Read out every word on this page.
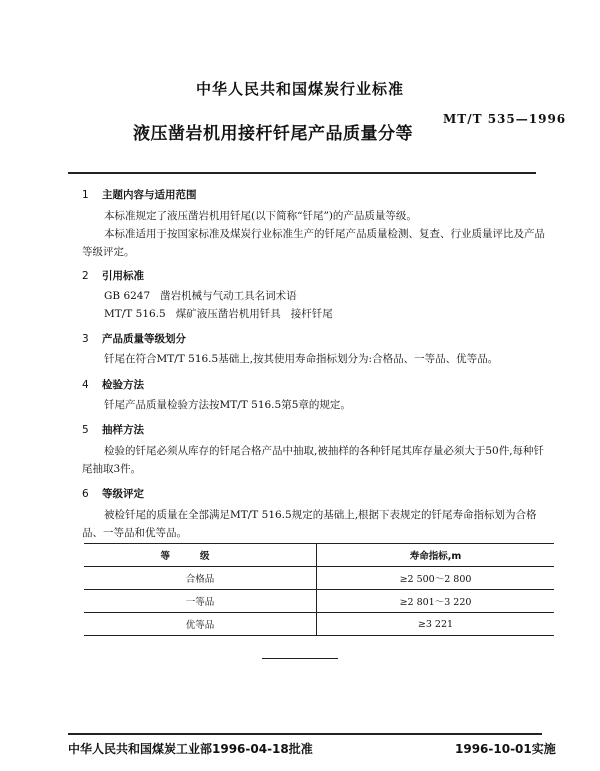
中华人民共和国煤炭行业标准
MT/T 535—1996
液压凿岩机用接杆钎尾产品质量分等
1 主题内容与适用范围
本标准规定了液压凿岩机用钎尾(以下简称“钎尾”)的产品质量等级。
本标准适用于按国家标准及煤炭行业标准生产的钎尾产品质量检测、复查、行业质量评比及产品等级评定。
2 引用标准
GB 6247   凿岩机械与气动工具名词术语
MT/T 516.5   煤矿液压凿岩机用钎具   接杆钎尾
3 产品质量等级划分
钎尾在符合MT/T 516.5基础上,按其使用寿命指标划分为:合格品、一等品、优等品。
4 检验方法
钎尾产品质量检验方法按MT/T 516.5第5章的规定。
5 抽样方法
检验的钎尾必须从库存的钎尾合格产品中抽取,被抽样的各种钎尾其库存量必须大于50件,每种钎尾抽取3件。
6 等级评定
被检钎尾的质量在全部满足MT/T 516.5规定的基础上,根据下表规定的钎尾寿命指标划为合格品、一等品和优等品。
等级	寿命指标,m
合格品	≥2 500～2 800
一等品	≥2 801～3 220
优等品	≥3 221
中华人民共和国煤炭工业部1996-04-18批准	1996-10-01实施
